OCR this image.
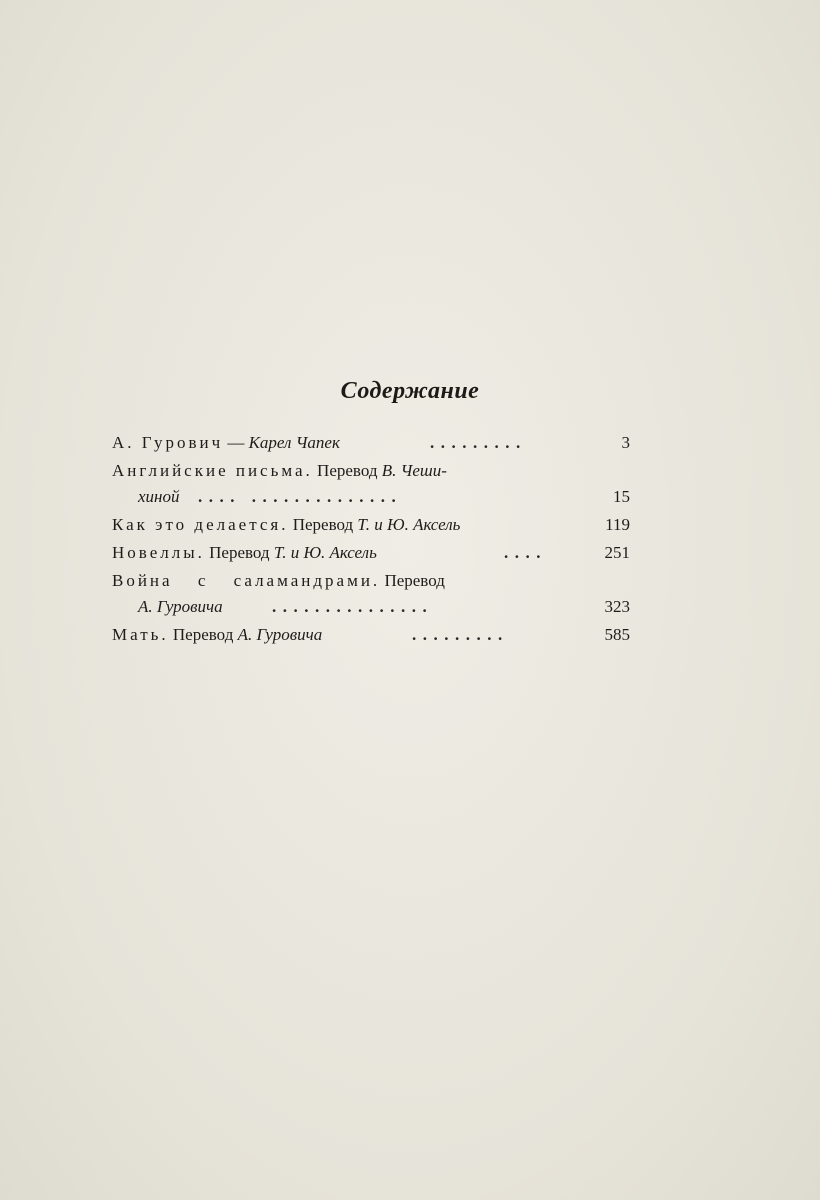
Содержание
А. Гурович — Карел Чапек	.........	3
Английские письма. Перевод В. Чеши-
хиной .... ..............	15
Как это делается. Перевод Т. и Ю. Аксель	119
Новеллы. Перевод Т. и Ю. Аксель	....	251
Война с саламандрами. Перевод
А. Гуровича	...............	323
Мать. Перевод А. Гуровича	.........	585
